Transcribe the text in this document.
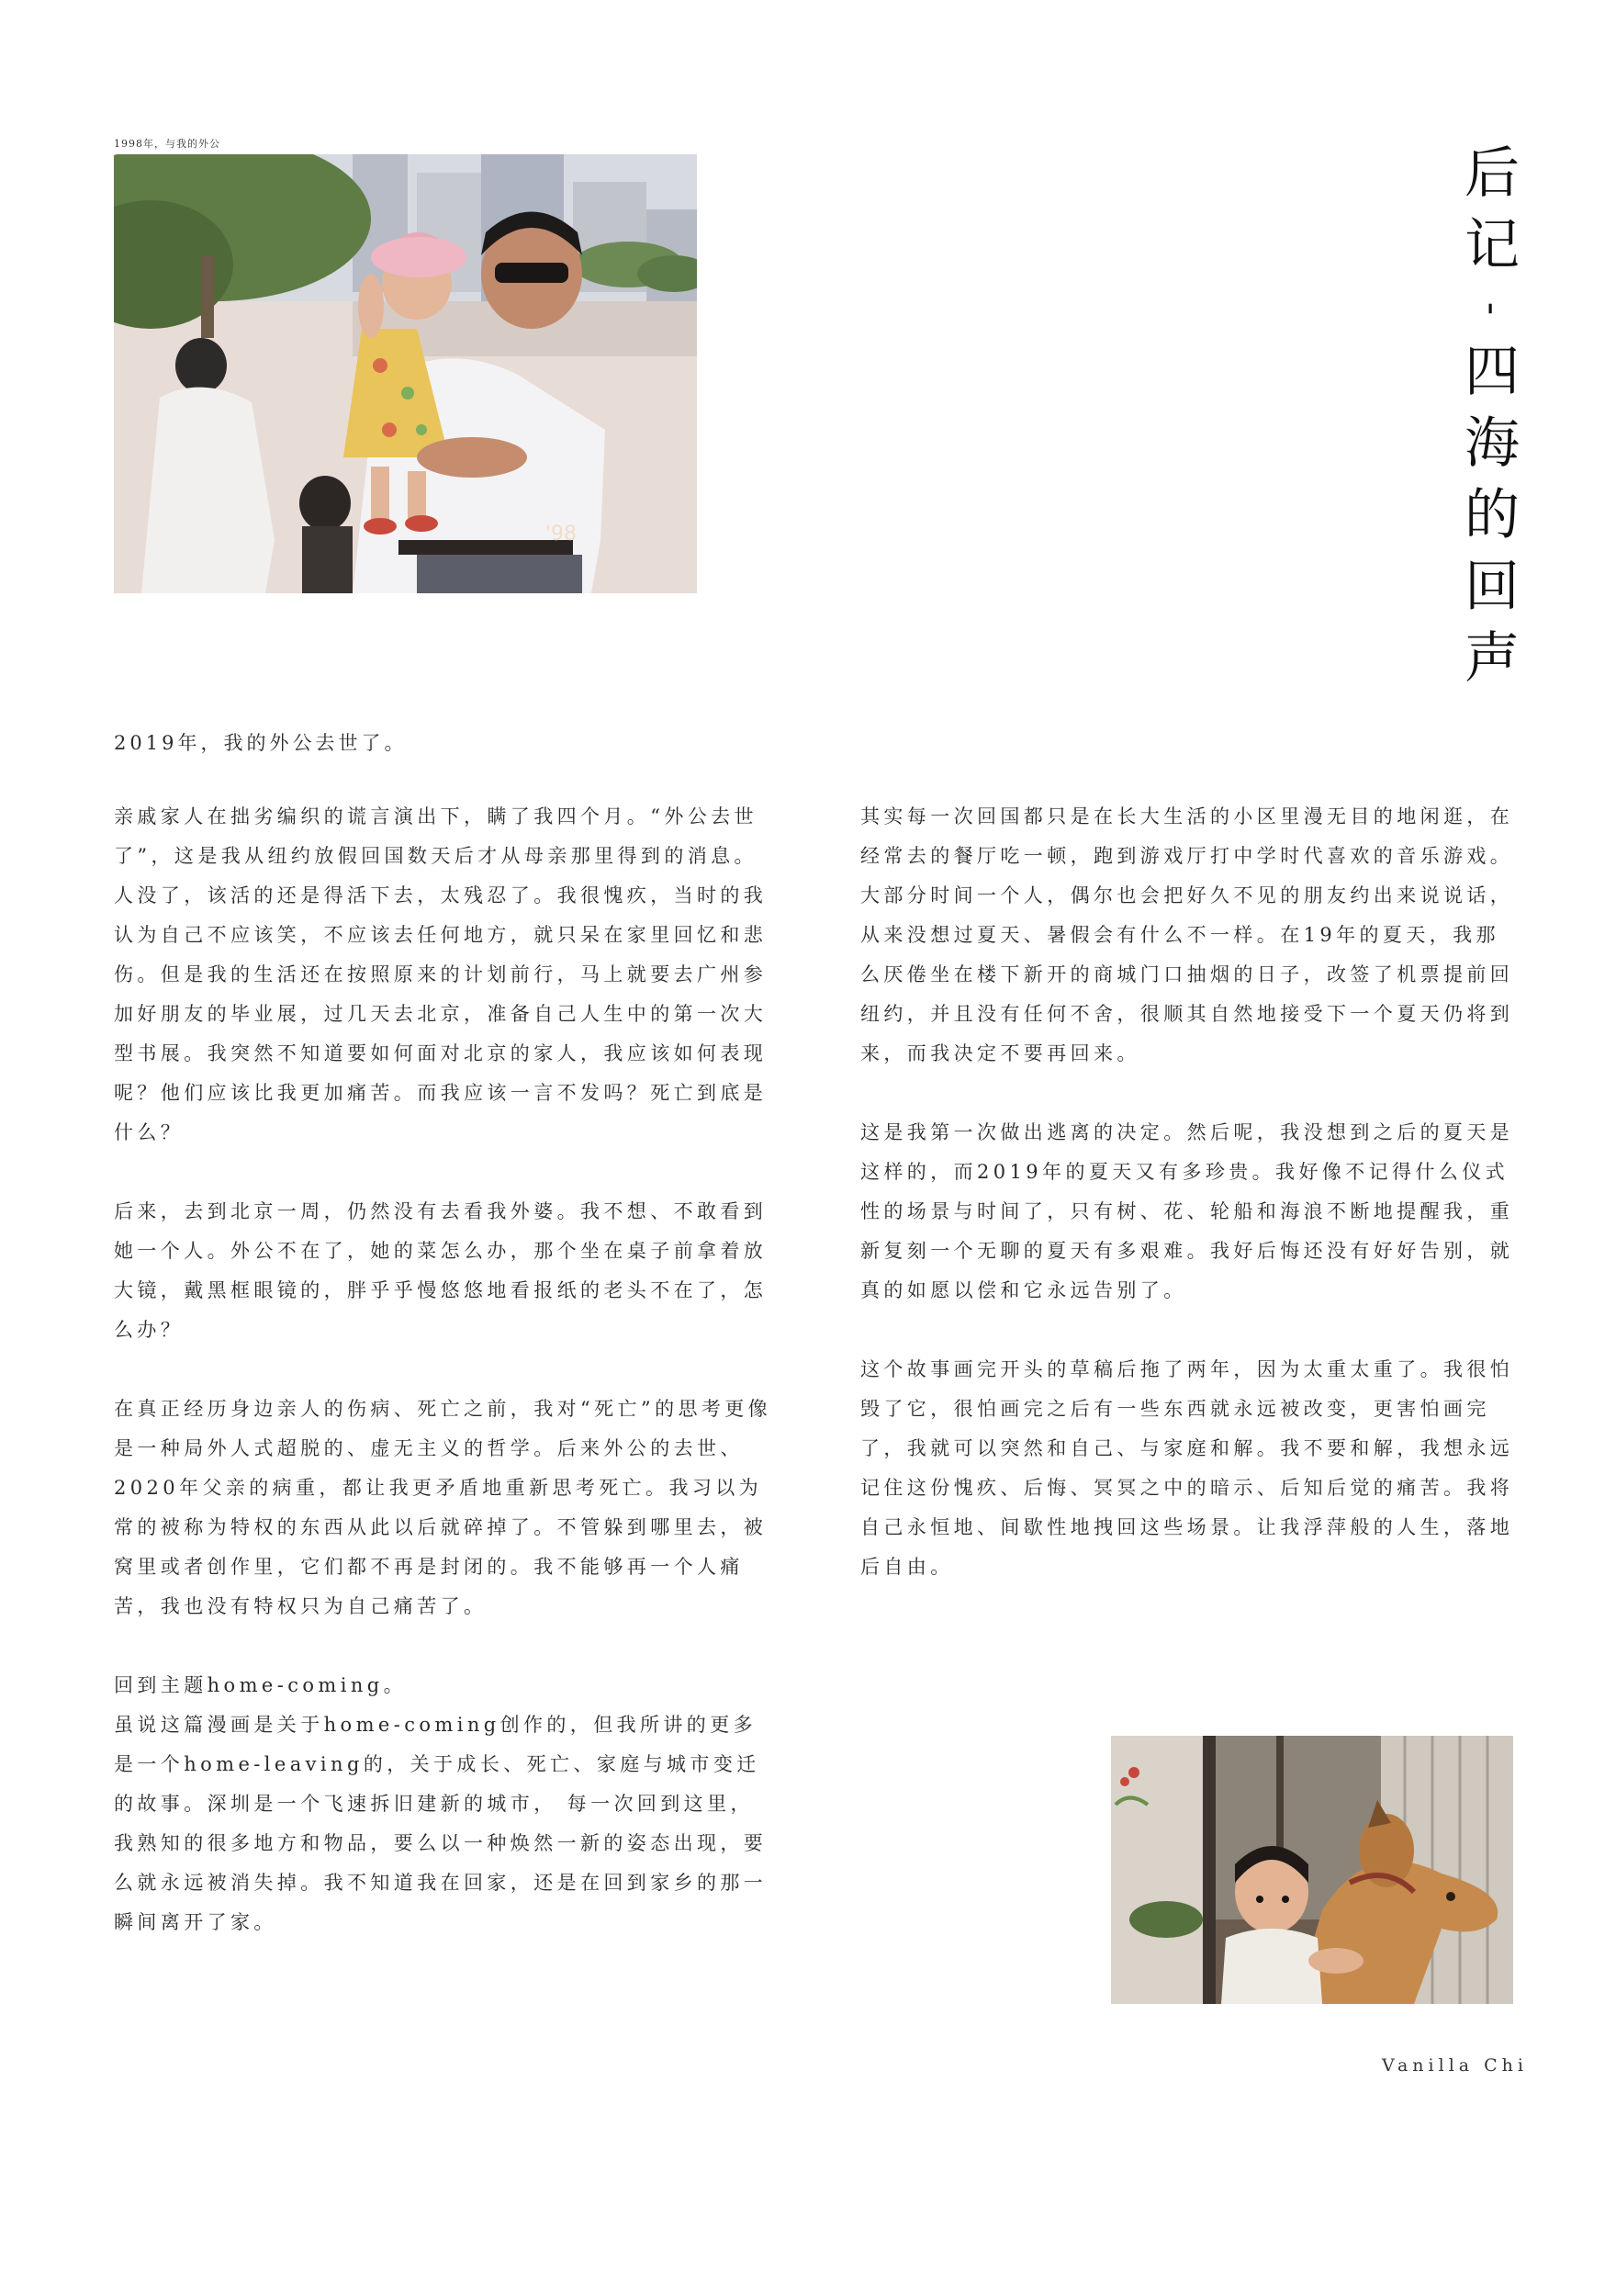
1998年，与我的外公
'98
后
记
-
四
海
的
回
声

2019年，我的外公去世了。

亲戚家人在拙劣编织的谎言演出下，瞒了我四个月。“外公去世了”，这是我从纽约放假回国数天后才从母亲那里得到的消息。人没了，该活的还是得活下去，太残忍了。我很愧疚，当时的我认为自己不应该笑，不应该去任何地方，就只呆在家里回忆和悲伤。但是我的生活还在按照原来的计划前行，马上就要去广州参加好朋友的毕业展，过几天去北京，准备自己人生中的第一次大型书展。我突然不知道要如何面对北京的家人，我应该如何表现呢？他们应该比我更加痛苦。而我应该一言不发吗？死亡到底是什么？

后来，去到北京一周，仍然没有去看我外婆。我不想、不敢看到她一个人。外公不在了，她的菜怎么办，那个坐在桌子前拿着放大镜，戴黑框眼镜的，胖乎乎慢悠悠地看报纸的老头不在了，怎么办？

在真正经历身边亲人的伤病、死亡之前，我对“死亡”的思考更像是一种局外人式超脱的、虚无主义的哲学。后来外公的去世、2020年父亲的病重，都让我更矛盾地重新思考死亡。我习以为常的被称为特权的东西从此以后就碎掉了。不管躲到哪里去，被窝里或者创作里，它们都不再是封闭的。我不能够再一个人痛苦，我也没有特权只为自己痛苦了。

回到主题home-coming。

虽说这篇漫画是关于home-coming创作的，但我所讲的更多是一个home-leaving的，关于成长、死亡、家庭与城市变迁的故事。深圳是一个飞速拆旧建新的城市， 每一次回到这里，我熟知的很多地方和物品，要么以一种焕然一新的姿态出现，要么就永远被消失掉。我不知道我在回家，还是在回到家乡的那一瞬间离开了家。

其实每一次回国都只是在长大生活的小区里漫无目的地闲逛，在经常去的餐厅吃一顿，跑到游戏厅打中学时代喜欢的音乐游戏。大部分时间一个人，偶尔也会把好久不见的朋友约出来说说话，从来没想过夏天、暑假会有什么不一样。在19年的夏天，我那么厌倦坐在楼下新开的商城门口抽烟的日子，改签了机票提前回纽约，并且没有任何不舍，很顺其自然地接受下一个夏天仍将到来，而我决定不要再回来。

这是我第一次做出逃离的决定。然后呢，我没想到之后的夏天是这样的，而2019年的夏天又有多珍贵。我好像不记得什么仪式性的场景与时间了，只有树、花、轮船和海浪不断地提醒我，重新复刻一个无聊的夏天有多艰难。我好后悔还没有好好告别，就真的如愿以偿和它永远告别了。

这个故事画完开头的草稿后拖了两年，因为太重太重了。我很怕毁了它，很怕画完之后有一些东西就永远被改变，更害怕画完了，我就可以突然和自己、与家庭和解。我不要和解，我想永远记住这份愧疚、后悔、冥冥之中的暗示、后知后觉的痛苦。我将自己永恒地、间歇性地拽回这些场景。让我浮萍般的人生，落地后自由。

Vanilla Chi
